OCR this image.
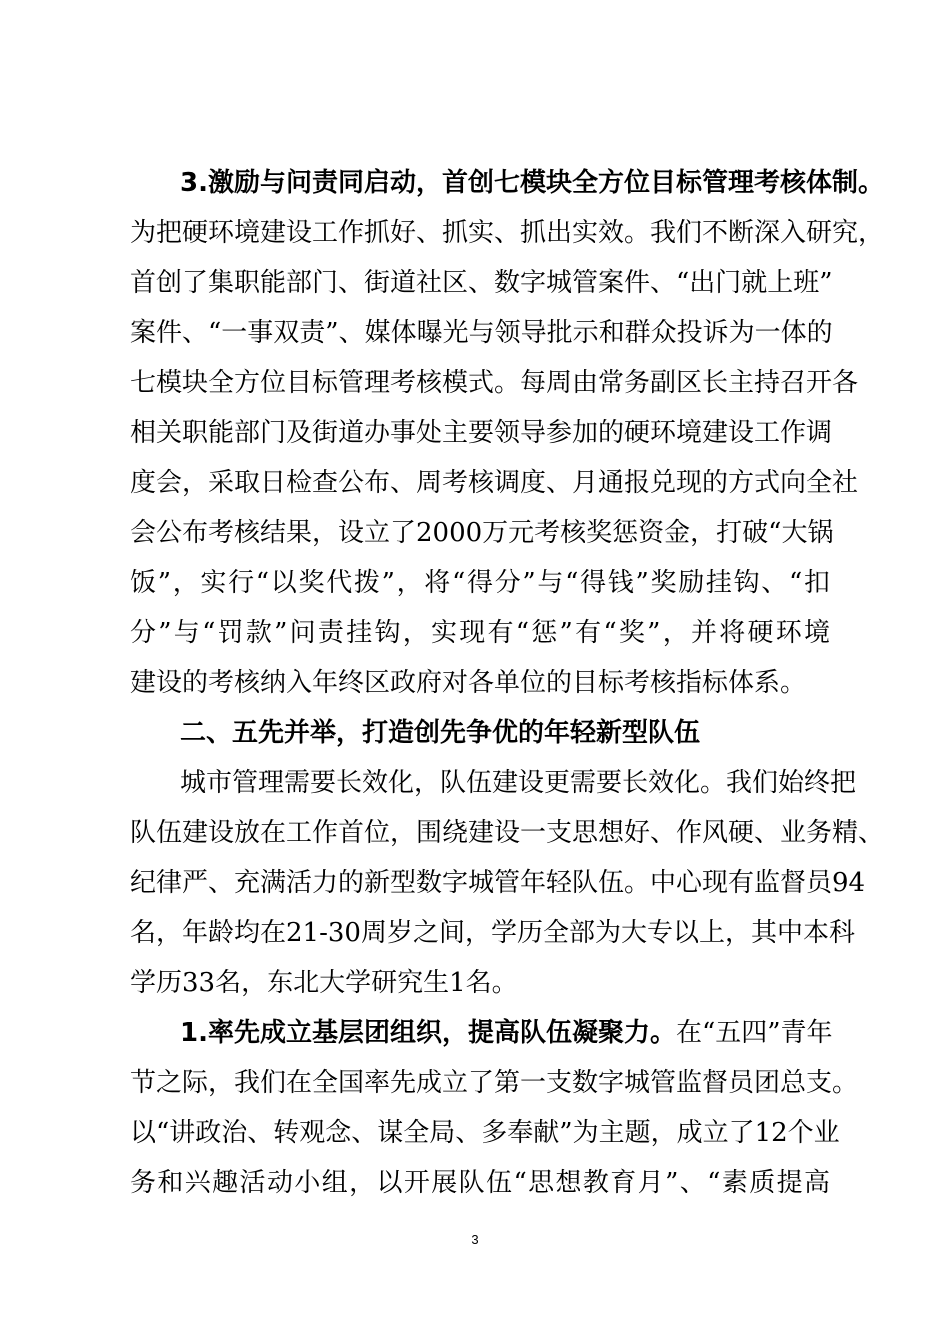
3.激励与问责同启动，首创七模块全方位目标管理考核体制。
为把硬环境建设工作抓好、抓实、抓出实效。我们不断深入研究，
首创了集职能部门、街道社区、数字城管案件、“出门就上班”
案件、“一事双责”、媒体曝光与领导批示和群众投诉为一体的
七模块全方位目标管理考核模式。每周由常务副区长主持召开各
相关职能部门及街道办事处主要领导参加的硬环境建设工作调
度会，采取日检查公布、周考核调度、月通报兑现的方式向全社
会公布考核结果，设立了2000万元考核奖惩资金，打破“大锅
饭”，实行“以奖代拨”，将“得分”与“得钱”奖励挂钩、“扣
分”与“罚款”问责挂钩，实现有“惩”有“奖”，并将硬环境
建设的考核纳入年终区政府对各单位的目标考核指标体系。
二、五先并举，打造创先争优的年轻新型队伍
城市管理需要长效化，队伍建设更需要长效化。我们始终把
队伍建设放在工作首位，围绕建设一支思想好、作风硬、业务精、
纪律严、充满活力的新型数字城管年轻队伍。中心现有监督员94
名，年龄均在21-30周岁之间，学历全部为大专以上，其中本科
学历33名，东北大学研究生1名。
1.率先成立基层团组织，提高队伍凝聚力。在“五四”青年
节之际，我们在全国率先成立了第一支数字城管监督员团总支。
以“讲政治、转观念、谋全局、多奉献”为主题，成立了12个业
务和兴趣活动小组，以开展队伍“思想教育月”、“素质提高
3
